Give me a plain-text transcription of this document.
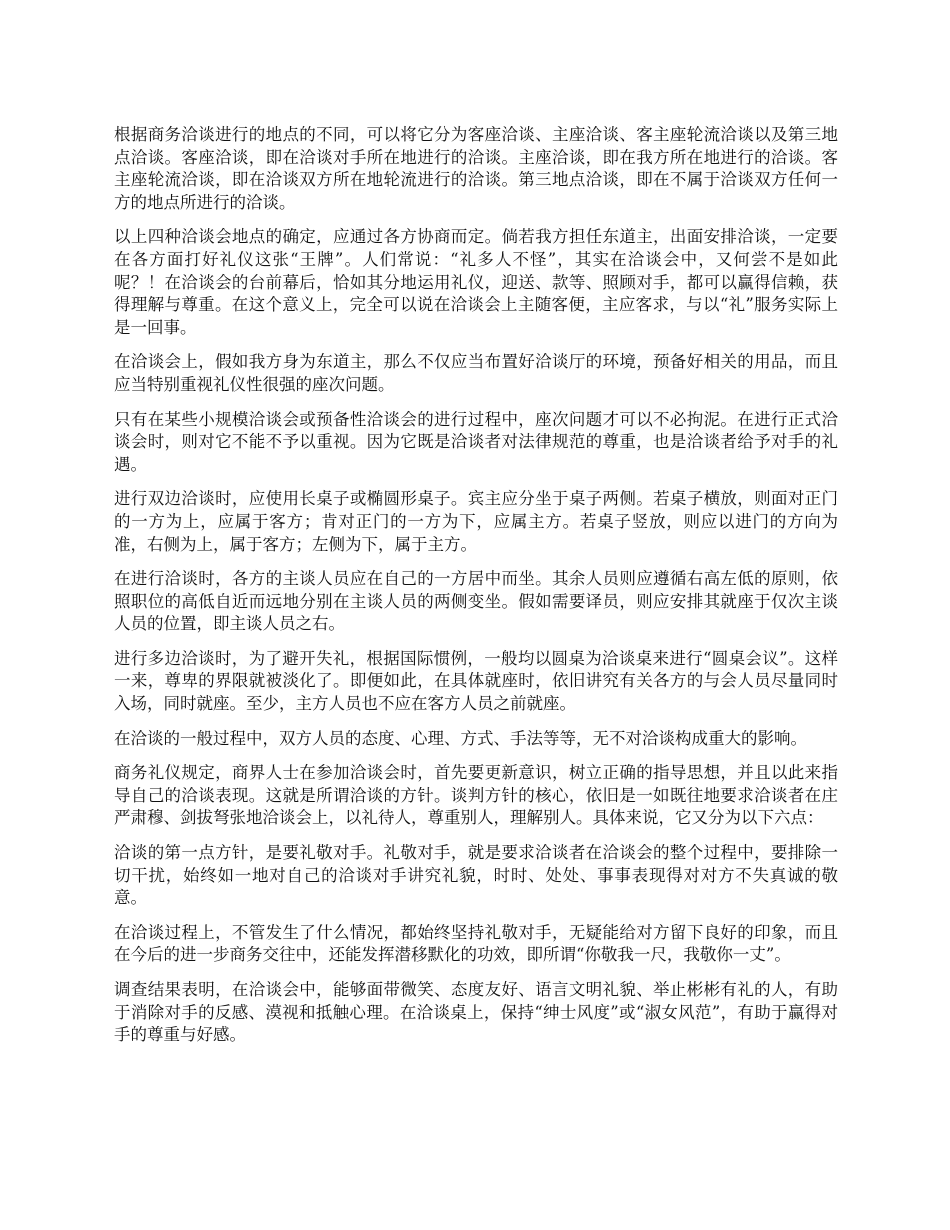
根据商务洽谈进行的地点的不同，可以将它分为客座洽谈、主座洽谈、客主座轮流洽谈以及第三地点洽谈。客座洽谈，即在洽谈对手所在地进行的洽谈。主座洽谈，即在我方所在地进行的洽谈。客主座轮流洽谈，即在洽谈双方所在地轮流进行的洽谈。第三地点洽谈，即在不属于洽谈双方任何一方的地点所进行的洽谈。

以上四种洽谈会地点的确定，应通过各方协商而定。倘若我方担任东道主，出面安排洽谈，一定要在各方面打好礼仪这张“王牌”。人们常说：“礼多人不怪”，其实在洽谈会中，又何尝不是如此呢？！在洽谈会的台前幕后，恰如其分地运用礼仪，迎送、款等、照顾对手，都可以赢得信赖，获得理解与尊重。在这个意义上，完全可以说在洽谈会上主随客便，主应客求，与以“礼”服务实际上是一回事。

在洽谈会上，假如我方身为东道主，那么不仅应当布置好洽谈厅的环境，预备好相关的用品，而且应当特别重视礼仪性很强的座次问题。

只有在某些小规模洽谈会或预备性洽谈会的进行过程中，座次问题才可以不必拘泥。在进行正式洽谈会时，则对它不能不予以重视。因为它既是洽谈者对法律规范的尊重，也是洽谈者给予对手的礼遇。

进行双边洽谈时，应使用长桌子或椭圆形桌子。宾主应分坐于桌子两侧。若桌子横放，则面对正门的一方为上，应属于客方；肯对正门的一方为下，应属主方。若桌子竖放，则应以进门的方向为准，右侧为上，属于客方；左侧为下，属于主方。

在进行洽谈时，各方的主谈人员应在自己的一方居中而坐。其余人员则应遵循右高左低的原则，依照职位的高低自近而远地分别在主谈人员的两侧变坐。假如需要译员，则应安排其就座于仅次主谈人员的位置，即主谈人员之右。

进行多边洽谈时，为了避开失礼，根据国际惯例，一般均以圆桌为洽谈桌来进行“圆桌会议”。这样一来，尊卑的界限就被淡化了。即便如此，在具体就座时，依旧讲究有关各方的与会人员尽量同时入场，同时就座。至少，主方人员也不应在客方人员之前就座。

在洽谈的一般过程中，双方人员的态度、心理、方式、手法等等，无不对洽谈构成重大的影响。

商务礼仪规定，商界人士在参加洽谈会时，首先要更新意识，树立正确的指导思想，并且以此来指导自己的洽谈表现。这就是所谓洽谈的方针。谈判方针的核心，依旧是一如既往地要求洽谈者在庄严肃穆、剑拔弩张地洽谈会上，以礼待人，尊重别人，理解别人。具体来说，它又分为以下六点：

洽谈的第一点方针，是要礼敬对手。礼敬对手，就是要求洽谈者在洽谈会的整个过程中，要排除一切干扰，始终如一地对自己的洽谈对手讲究礼貌，时时、处处、事事表现得对对方不失真诚的敬意。

在洽谈过程上，不管发生了什么情况，都始终坚持礼敬对手，无疑能给对方留下良好的印象，而且在今后的进一步商务交往中，还能发挥潜移默化的功效，即所谓“你敬我一尺，我敬你一丈”。

调查结果表明，在洽谈会中，能够面带微笑、态度友好、语言文明礼貌、举止彬彬有礼的人，有助于消除对手的反感、漠视和抵触心理。在洽谈桌上，保持“绅士风度”或“淑女风范”，有助于赢得对手的尊重与好感。
